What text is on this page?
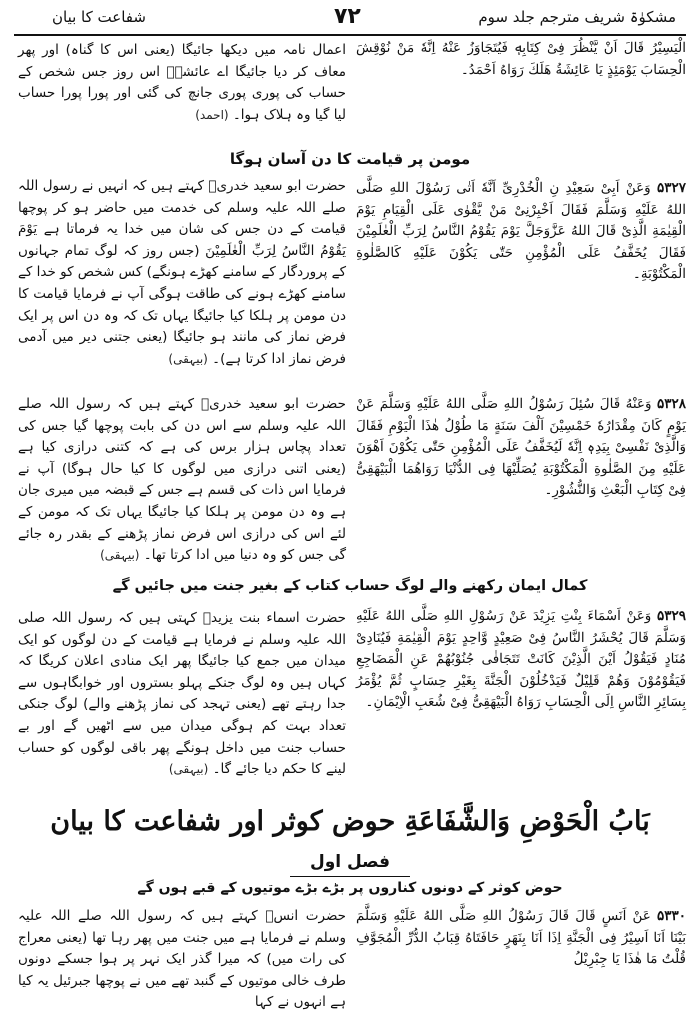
شفاعت کا بیان	۷۲	مشکوٰۃ شریف مترجم جلد سوم
الْيَسِيْرُ قَالَ اَنْ يَّنْظُرَ فِىْ كِتَابِهٖ فَيُتَجَاوَزُ عَنْهُ اِنَّهٗ مَنْ نُوْقِشَ الْحِسَابَ يَوْمَئِذٍ يَا عَائِشَةُ هَلَكَ رَوَاهُ اَحْمَدُ۔
اعمال نامہ میں دیکھا جائیگا (یعنی اس کا گناہ) اور پھر معاف کر دیا جائیگا اے عائشہؓ اس روز جس شخص کے حساب کی پوری پوری جانچ کی گئی اور پورا پورا حساب لیا گیا وہ ہلاک ہوا۔ (احمد)
مومن پر قیامت کا دن آسان ہوگا
۵۳۲۷ وَعَنْ اَبِىْ سَعِيْدِ نِ الْخُدْرِىِّ اَنَّهٗ اَتٰى رَسُوْلَ اللهِ صَلَّى اللهُ عَلَيْهِ وَسَلَّمَ فَقَالَ اَخْبِرْنِىْ مَنْ يَّقْوٰى عَلَى الْقِيَامِ يَوْمَ الْقِيٰمَةِ الَّذِىْ قَالَ اللهُ عَزَّوَجَلَّ يَوْمَ يَقُوْمُ النَّاسُ لِرَبِّ الْعٰلَمِيْنَ فَقَالَ يُخَفَّفُ عَلَى الْمُؤْمِنِ حَتّٰى يَكُوْنَ عَلَيْهِ كَالصَّلٰوةِ الْمَكْتُوْبَةِ۔
حضرت ابو سعید خدریؓ کہتے ہیں کہ انہیں نے رسول اللہ صلے اللہ علیہ وسلم کی خدمت میں حاضر ہو کر پوچھا قیامت کے دن جس کی شان میں خدا یہ فرماتا ہے یَوْمَ یَقُوْمُ النَّاسُ لِرَبِّ الْعٰلَمِیْنَ (جس روز کہ لوگ تمام جہانوں کے پروردگار کے سامنے کھڑے ہونگے) کس شخص کو خدا کے سامنے کھڑے ہونے کی طاقت ہوگی آپ نے فرمایا قیامت کا دن مومن پر ہلکا کیا جائیگا یہاں تک کہ وہ دن اس پر ایک فرض نماز کی مانند ہو جائیگا (یعنی جتنی دیر میں آدمی فرض نماز ادا کرتا ہے)۔ (بیہقی)
۵۳۲۸ وَعَنْهُ قَالَ سُئِلَ رَسُوْلُ اللهِ صَلَّى اللهُ عَلَيْهِ وَسَلَّمَ عَنْ يَوْمٍ كَانَ مِقْدَارُهٗ خَمْسِيْنَ اَلْفَ سَنَةٍ مَا طُوْلُ هٰذَا الْيَوْمِ فَقَالَ وَالَّذِىْ نَفْسِىْ بِيَدِهٖ اِنَّهٗ لَيُخَفَّفُ عَلَى الْمُؤْمِنِ حَتّٰى يَكُوْنَ اَهْوَنَ عَلَيْهِ مِنَ الصَّلٰوةِ الْمَكْتُوْبَةِ يُصَلِّيْهَا فِى الدُّنْيَا رَوَاهُمَا الْبَيْهَقِىُّ فِىْ كِتَابِ الْبَعْثِ وَالنُّشُوْرِ۔
حضرت ابو سعید خدریؓ کہتے ہیں کہ رسول اللہ صلے اللہ علیہ وسلم سے اس دن کی بابت پوچھا گیا جس کی تعداد پچاس ہزار برس کی ہے کہ کتنی درازی کیا ہے (یعنی اتنی درازی میں لوگوں کا کیا حال ہوگا) آپ نے فرمایا اس ذات کی قسم ہے جس کے قبضہ میں میری جان ہے وہ دن مومن پر ہلکا کیا جائیگا یہاں تک کہ مومن کے لئے اس کی درازی اس فرض نماز پڑھنے کے بقدر رہ جائے گی جس کو وہ دنیا میں ادا کرتا تھا۔ (بیہقی)
کمال ایمان رکھنے والے لوگ حساب کتاب کے بغیر جنت میں جائیں گے
۵۳۲۹ وَعَنْ اَسْمَاءَ بِنْتِ يَزِيْدَ عَنْ رَسُوْلِ اللهِ صَلَّى اللهُ عَلَيْهِ وَسَلَّمَ قَالَ يُحْشَرُ النَّاسُ فِىْ صَعِيْدٍ وَّاحِدٍ يَوْمَ الْقِيٰمَةِ فَيُنَادِىْ مُنَادٍ فَيَقُوْلُ اَيْنَ الَّذِيْنَ كَانَتْ تَتَجَافٰى جُنُوْبُهُمْ عَنِ الْمَضَاجِعِ فَيَقُوْمُوْنَ وَهُمْ قَلِيْلٌ فَيَدْخُلُوْنَ الْجَنَّةَ بِغَيْرِ حِسَابٍ ثُمَّ يُؤْمَرُ بِسَائِرِ النَّاسِ اِلَى الْحِسَابِ رَوَاهُ الْبَيْهَقِىُّ فِىْ شُعَبِ الْاِيْمَانِ۔
حضرت اسماء بنت یزیدؓ کہتی ہیں کہ رسول اللہ صلی اللہ علیہ وسلم نے فرمایا ہے قیامت کے دن لوگوں کو ایک میدان میں جمع کیا جائیگا پھر ایک منادی اعلان کریگا کہ کہاں ہیں وہ لوگ جنکے پہلو بستروں اور خوابگاہوں سے جدا رہتے تھے (یعنی تہجد کی نماز پڑھنے والے) لوگ جنکی تعداد بہت کم ہوگی میدان میں سے اٹھیں گے اور بے حساب جنت میں داخل ہونگے پھر باقی لوگوں کو حساب لینے کا حکم دیا جائے گا۔ (بیہقی)
بَابُ الْحَوْضِ وَالشَّفَاعَةِ حوض کوثر اور شفاعت کا بیان
فصل اول
حوض کوثر کے دونوں کناروں پر بڑے بڑے موتیوں کے قبے ہوں گے
۵۳۳۰ عَنْ اَنَسٍ قَالَ قَالَ رَسُوْلُ اللهِ صَلَّى اللهُ عَلَيْهِ وَسَلَّمَ بَيْنَا اَنَا اَسِيْرُ فِى الْجَنَّةِ اِذَا اَنَا بِنَهَرٍ حَافَتَاهُ قِبَابُ الدُّرِّ الْمُجَوَّفِ قُلْتُ مَا هٰذَا يَا جِبْرِيْلُ
حضرت انسؓ کہتے ہیں کہ رسول اللہ صلے اللہ علیہ وسلم نے فرمایا ہے میں جنت میں پھر رہا تھا (یعنی معراج کی رات میں) کہ میرا گذر ایک نہر پر ہوا جسکے دونوں طرف خالی موتیوں کے گنبد تھے میں نے پوچھا جبرئیل یہ کیا ہے انہوں نے کہا
